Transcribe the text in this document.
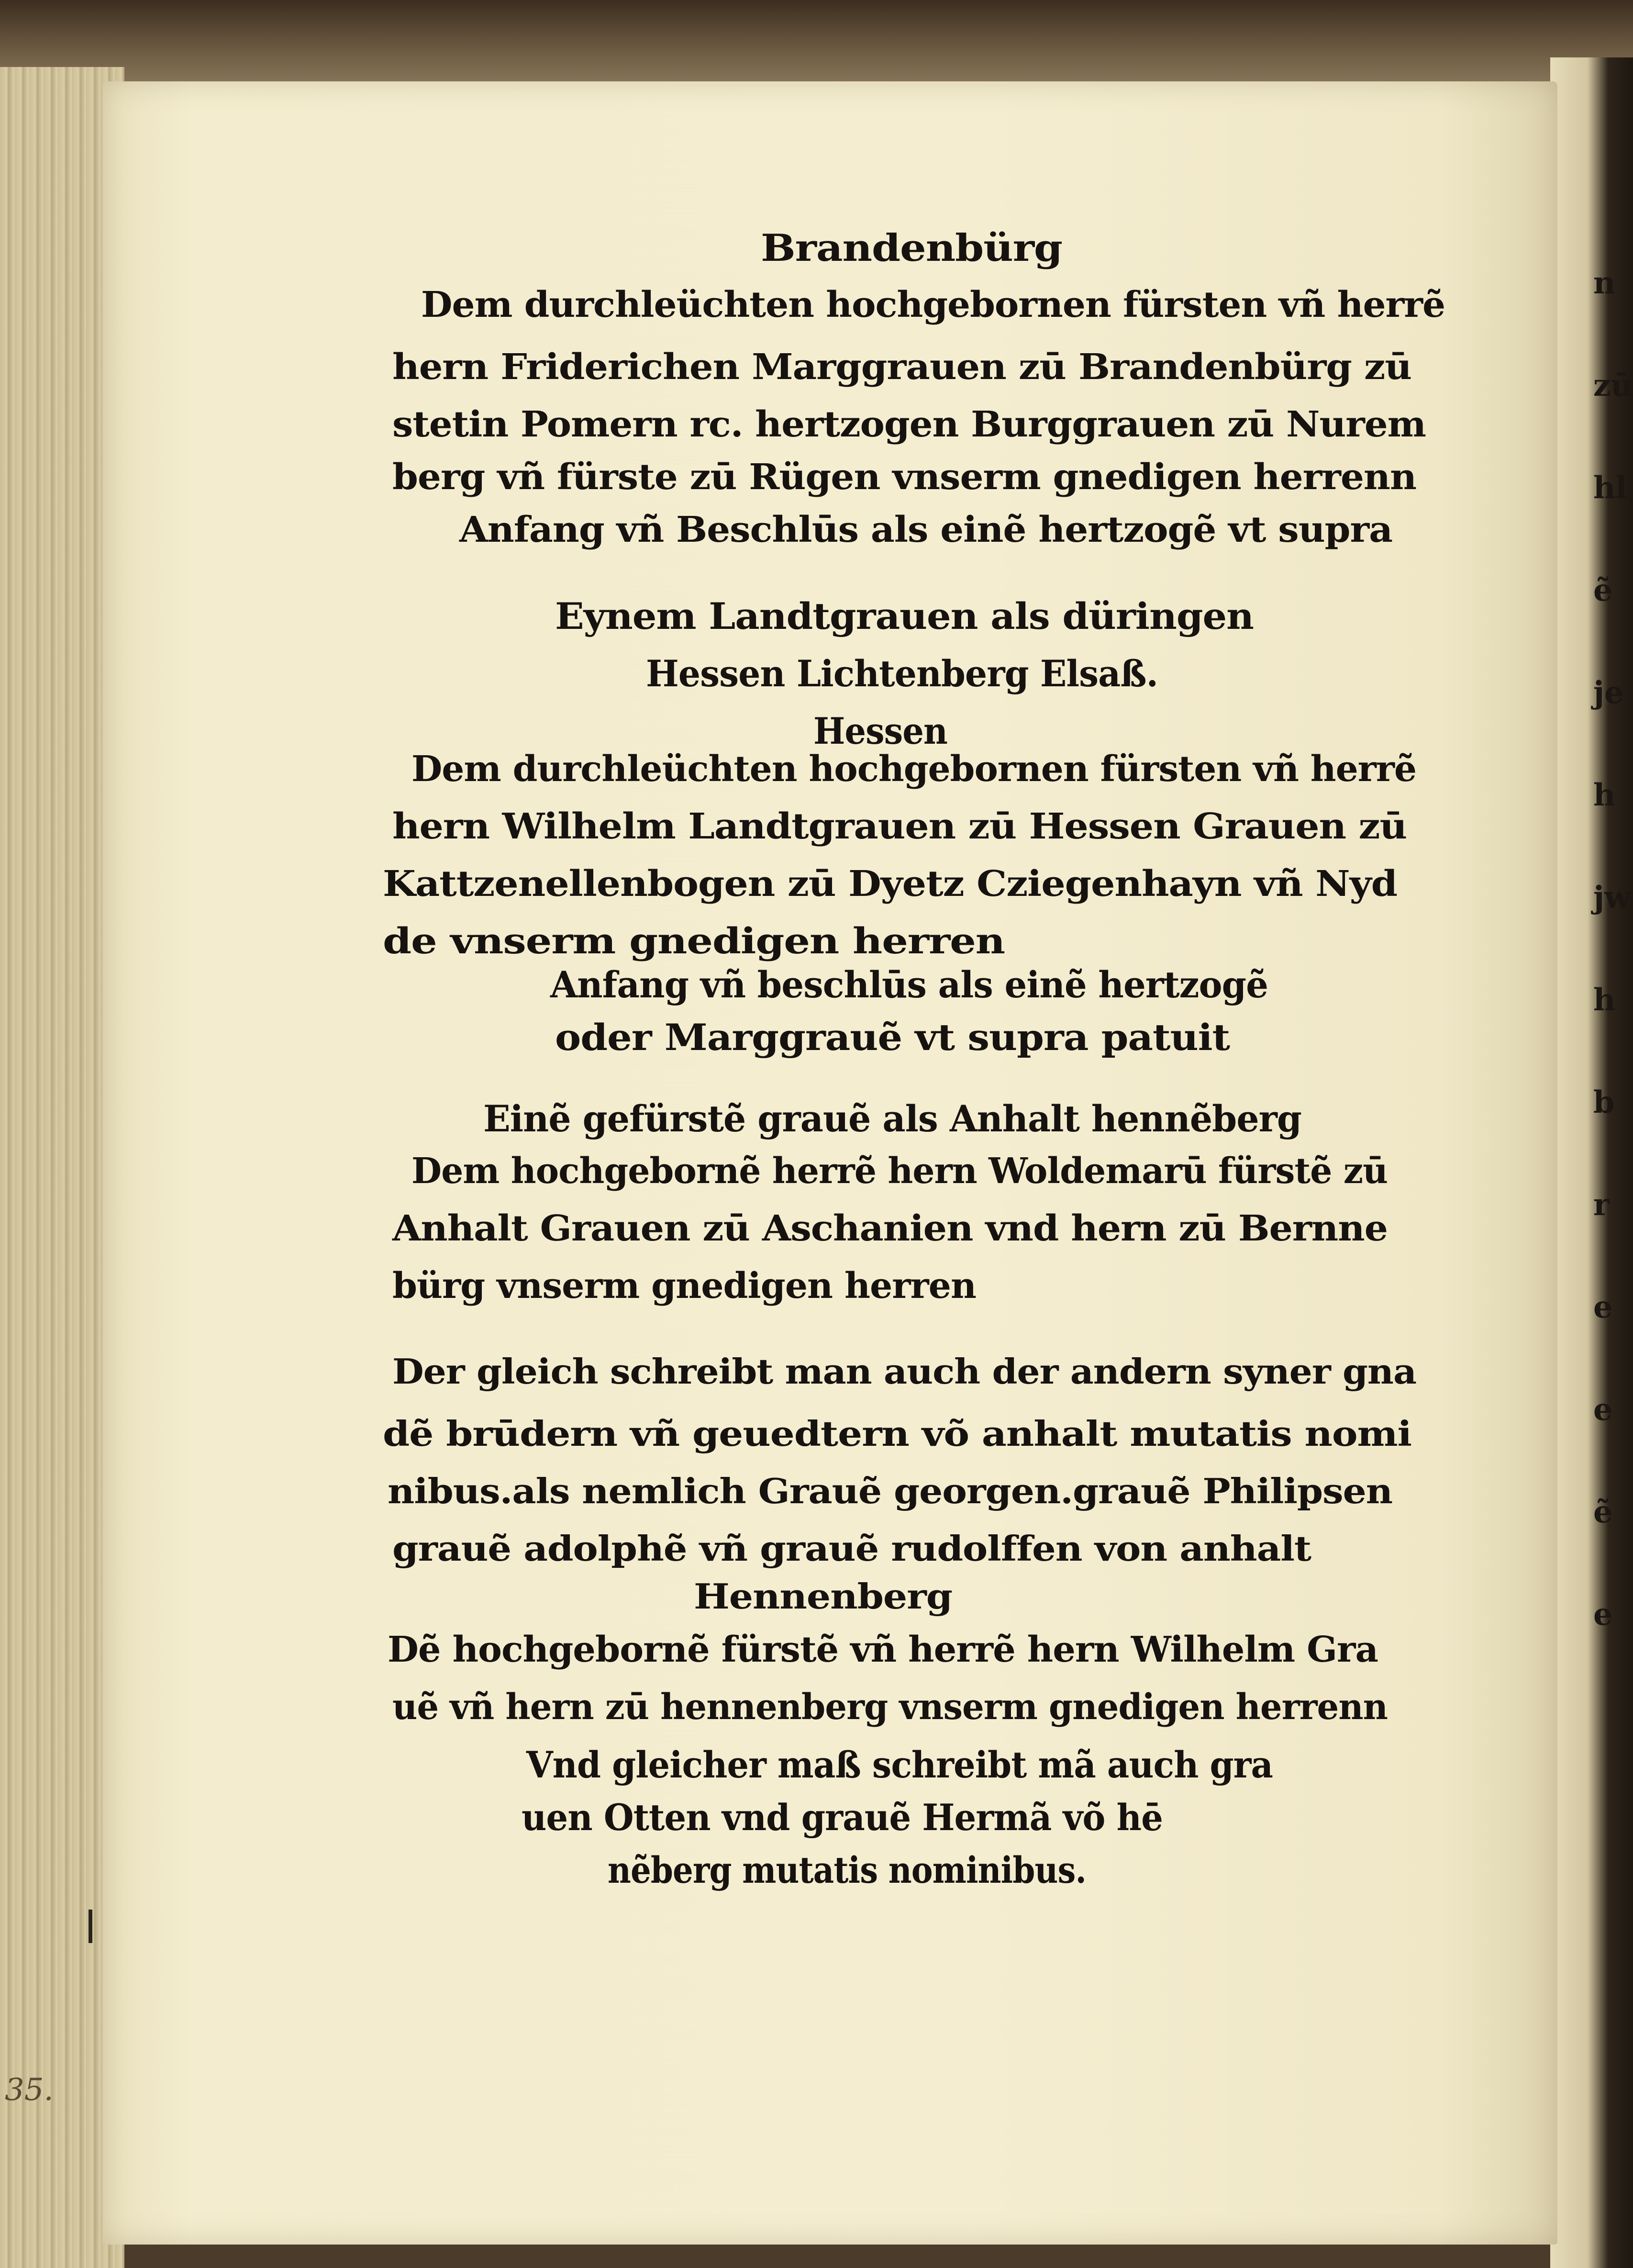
Brandenbürg
Dem durchleüchten hochgebornen fürsten vñ herrẽ
hern Friderichen Marggrauen zū Brandenbürg zū
stetin Pomern rc. hertzogen Burggrauen zū Nurem
berg vñ fürste zū Rügen vnserm gnedigen herrenn
Anfang vñ Beschlūs als einẽ hertzogẽ vt supra
Eynem Landtgrauen als düringen
Hessen Lichtenberg Elsaß.
Hessen
Dem durchleüchten hochgebornen fürsten vñ herrẽ
hern Wilhelm Landtgrauen zū Hessen Grauen zū
Kattzenellenbogen zū Dyetz Cziegenhayn vñ Nyd
de vnserm gnedigen herren
Anfang vñ beschlūs als einẽ hertzogẽ
oder Marggrauẽ vt supra patuit
Einẽ gefürstẽ grauẽ als Anhalt hennẽberg
Dem hochgebornẽ herrẽ hern Woldemarū fürstẽ zū
Anhalt Grauen zū Aschanien vnd hern zū Bernne
bürg vnserm gnedigen herren
Der gleich schreibt man auch der andern syner gna
dẽ brūdern vñ geuedtern võ anhalt mutatis nomi
nibus.als nemlich Grauẽ georgen.grauẽ Philipsen
grauẽ adolphẽ vñ grauẽ rudolffen von anhalt
Hennenberg
Dẽ hochgebornẽ fürstẽ vñ herrẽ hern Wilhelm Gra
uẽ vñ hern zū hennenberg vnserm gnedigen herrenn
Vnd gleicher maß schreibt mã auch gra
uen Otten vnd grauẽ Hermã võ hē
nẽberg mutatis nominibus.
n
zū
hl
ẽ
je
h
jw
h
b
r
e
e
ẽ
e
35.
